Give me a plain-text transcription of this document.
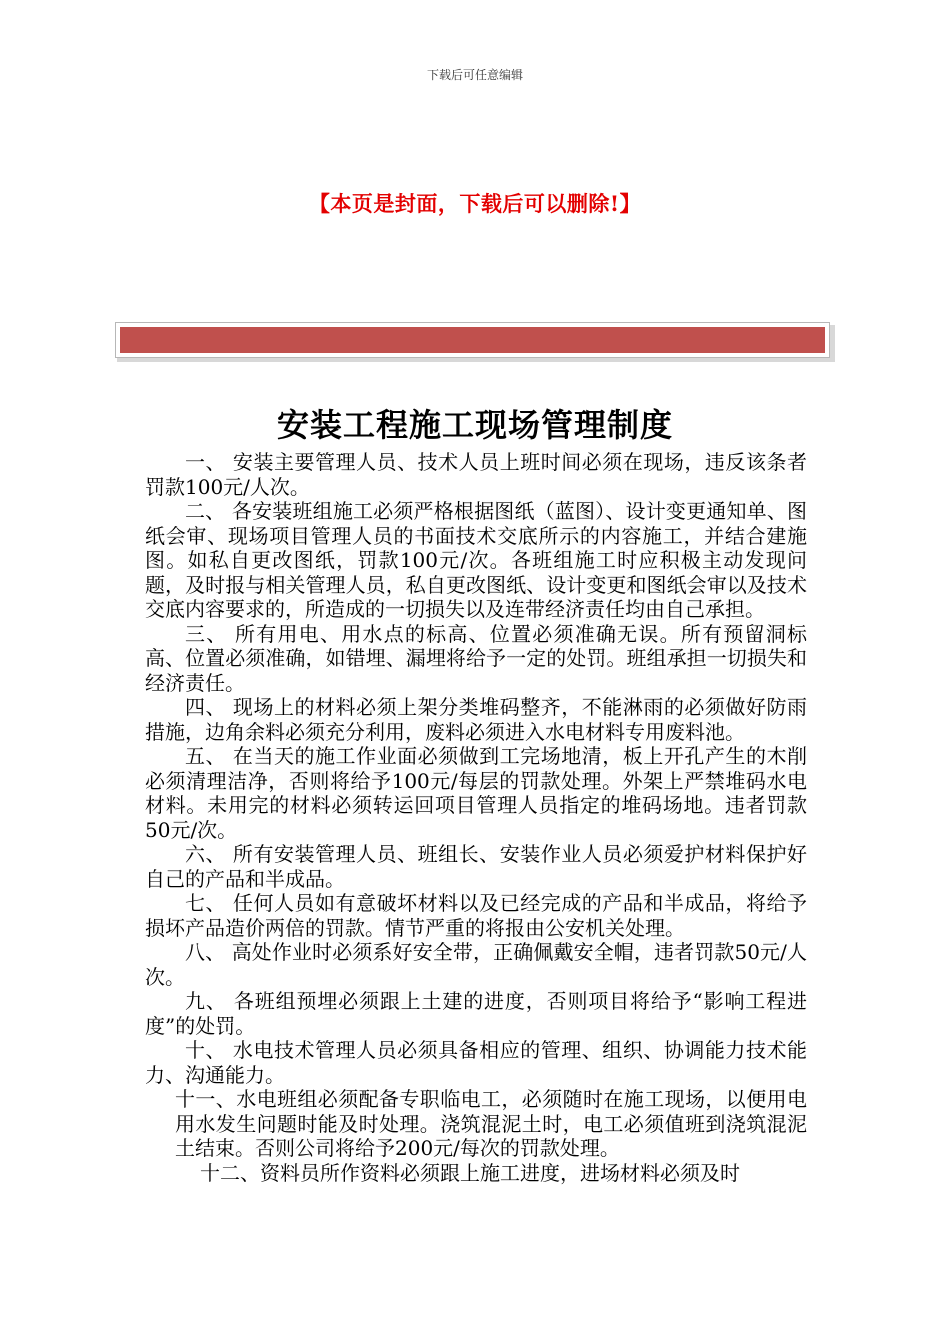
下载后可任意编辑
【本页是封面，下载后可以删除!】
安装工程施工现场管理制度

一、 安装主要管理人员、技术人员上班时间必须在现场，违反该条者罚款100元/人次。

二、 各安装班组施工必须严格根据图纸（蓝图）、设计变更通知单、图纸会审、现场项目管理人员的书面技术交底所示的内容施工，并结合建施图。如私自更改图纸，罚款100元/次。各班组施工时应积极主动发现问题，及时报与相关管理人员，私自更改图纸、设计变更和图纸会审以及技术交底内容要求的，所造成的一切损失以及连带经济责任均由自己承担。

三、 所有用电、用水点的标高、位置必须准确无误。所有预留洞标高、位置必须准确，如错埋、漏埋将给予一定的处罚。班组承担一切损失和经济责任。

四、 现场上的材料必须上架分类堆码整齐，不能淋雨的必须做好防雨措施，边角余料必须充分利用，废料必须进入水电材料专用废料池。

五、 在当天的施工作业面必须做到工完场地清，板上开孔产生的木削必须清理洁净，否则将给予100元/每层的罚款处理。外架上严禁堆码水电材料。未用完的材料必须转运回项目管理人员指定的堆码场地。违者罚款50元/次。

六、 所有安装管理人员、班组长、安装作业人员必须爱护材料保护好自己的产品和半成品。

七、 任何人员如有意破坏材料以及已经完成的产品和半成品，将给予损坏产品造价两倍的罚款。情节严重的将报由公安机关处理。

八、 高处作业时必须系好安全带，正确佩戴安全帽，违者罚款50元/人次。

九、 各班组预埋必须跟上土建的进度，否则项目将给予“影响工程进度”的处罚。

十、 水电技术管理人员必须具备相应的管理、组织、协调能力技术能力、沟通能力。

十一、水电班组必须配备专职临电工，必须随时在施工现场，以便用电用水发生问题时能及时处理。浇筑混泥土时，电工必须值班到浇筑混泥土结束。否则公司将给予200元/每次的罚款处理。

十二、资料员所作资料必须跟上施工进度，进场材料必须及时
